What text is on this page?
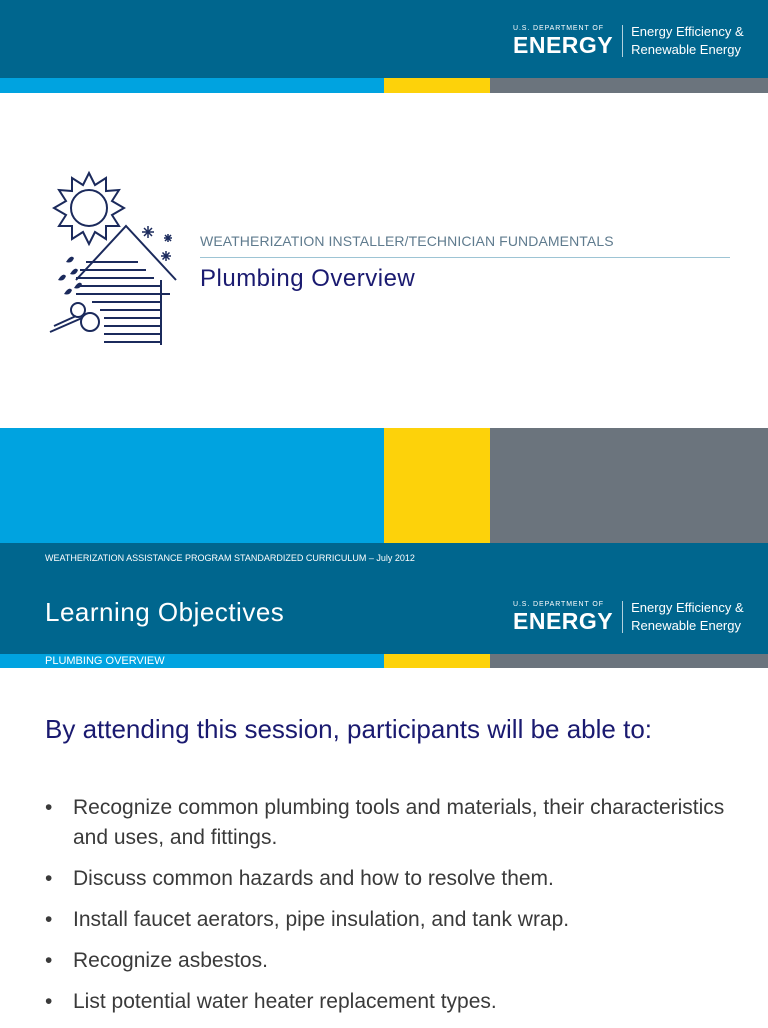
U.S. DEPARTMENT OF
ENERGY
Energy Efficiency &
Renewable Energy
WEATHERIZATION INSTALLER/TECHNICIAN FUNDAMENTALS
Plumbing Overview
WEATHERIZATION ASSISTANCE PROGRAM STANDARDIZED CURRICULUM – July 2012
Learning Objectives	U.S. DEPARTMENT OF
ENERGY
Energy Efficiency &
Renewable Energy
PLUMBING OVERVIEW
By attending this session, participants will be able to:
• Recognize common plumbing tools and materials, their characteristics and uses, and fittings.
• Discuss common hazards and how to resolve them.
• Install faucet aerators, pipe insulation, and tank wrap.
• Recognize asbestos.
• List potential water heater replacement types.
